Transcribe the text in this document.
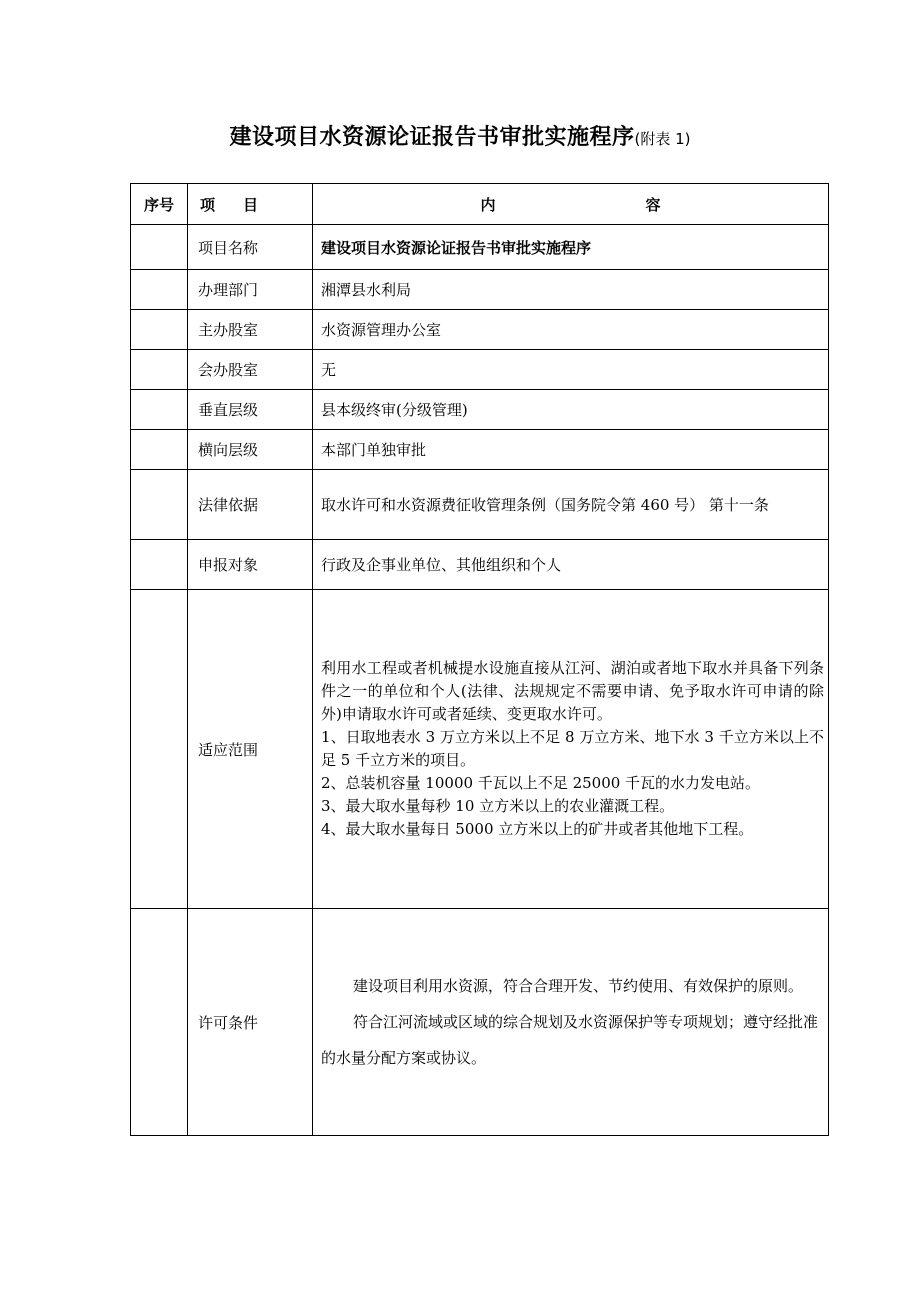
建设项目水资源论证报告书审批实施程序(附表 1)
序号	项 目	内 容
	项目名称	建设项目水资源论证报告书审批实施程序
	办理部门	湘潭县水利局
	主办股室	水资源管理办公室
	会办股室	无
	垂直层级	县本级终审(分级管理)
	横向层级	本部门单独审批
	法律依据	取水许可和水资源费征收管理条例（国务院令第 460 号） 第十一条
	申报对象	行政及企事业单位、其他组织和个人
	适应范围	利用水工程或者机械提水设施直接从江河、湖泊或者地下取水并具备下列条件之一的单位和个人(法律、法规规定不需要申请、免予取水许可申请的除外)申请取水许可或者延续、变更取水许可。

1、日取地表水 3 万立方米以上不足 8 万立方米、地下水 3 千立方米以上不足 5 千立方米的项目。

2、总装机容量 10000 千瓦以上不足 25000 千瓦的水力发电站。

3、最大取水量每秒 10 立方米以上的农业灌溉工程。

4、最大取水量每日 5000 立方米以上的矿井或者其他地下工程。

	许可条件	建设项目利用水资源，符合合理开发、节约使用、有效保护的原则。

符合江河流域或区域的综合规划及水资源保护等专项规划；遵守经批准的水量分配方案或协议。
